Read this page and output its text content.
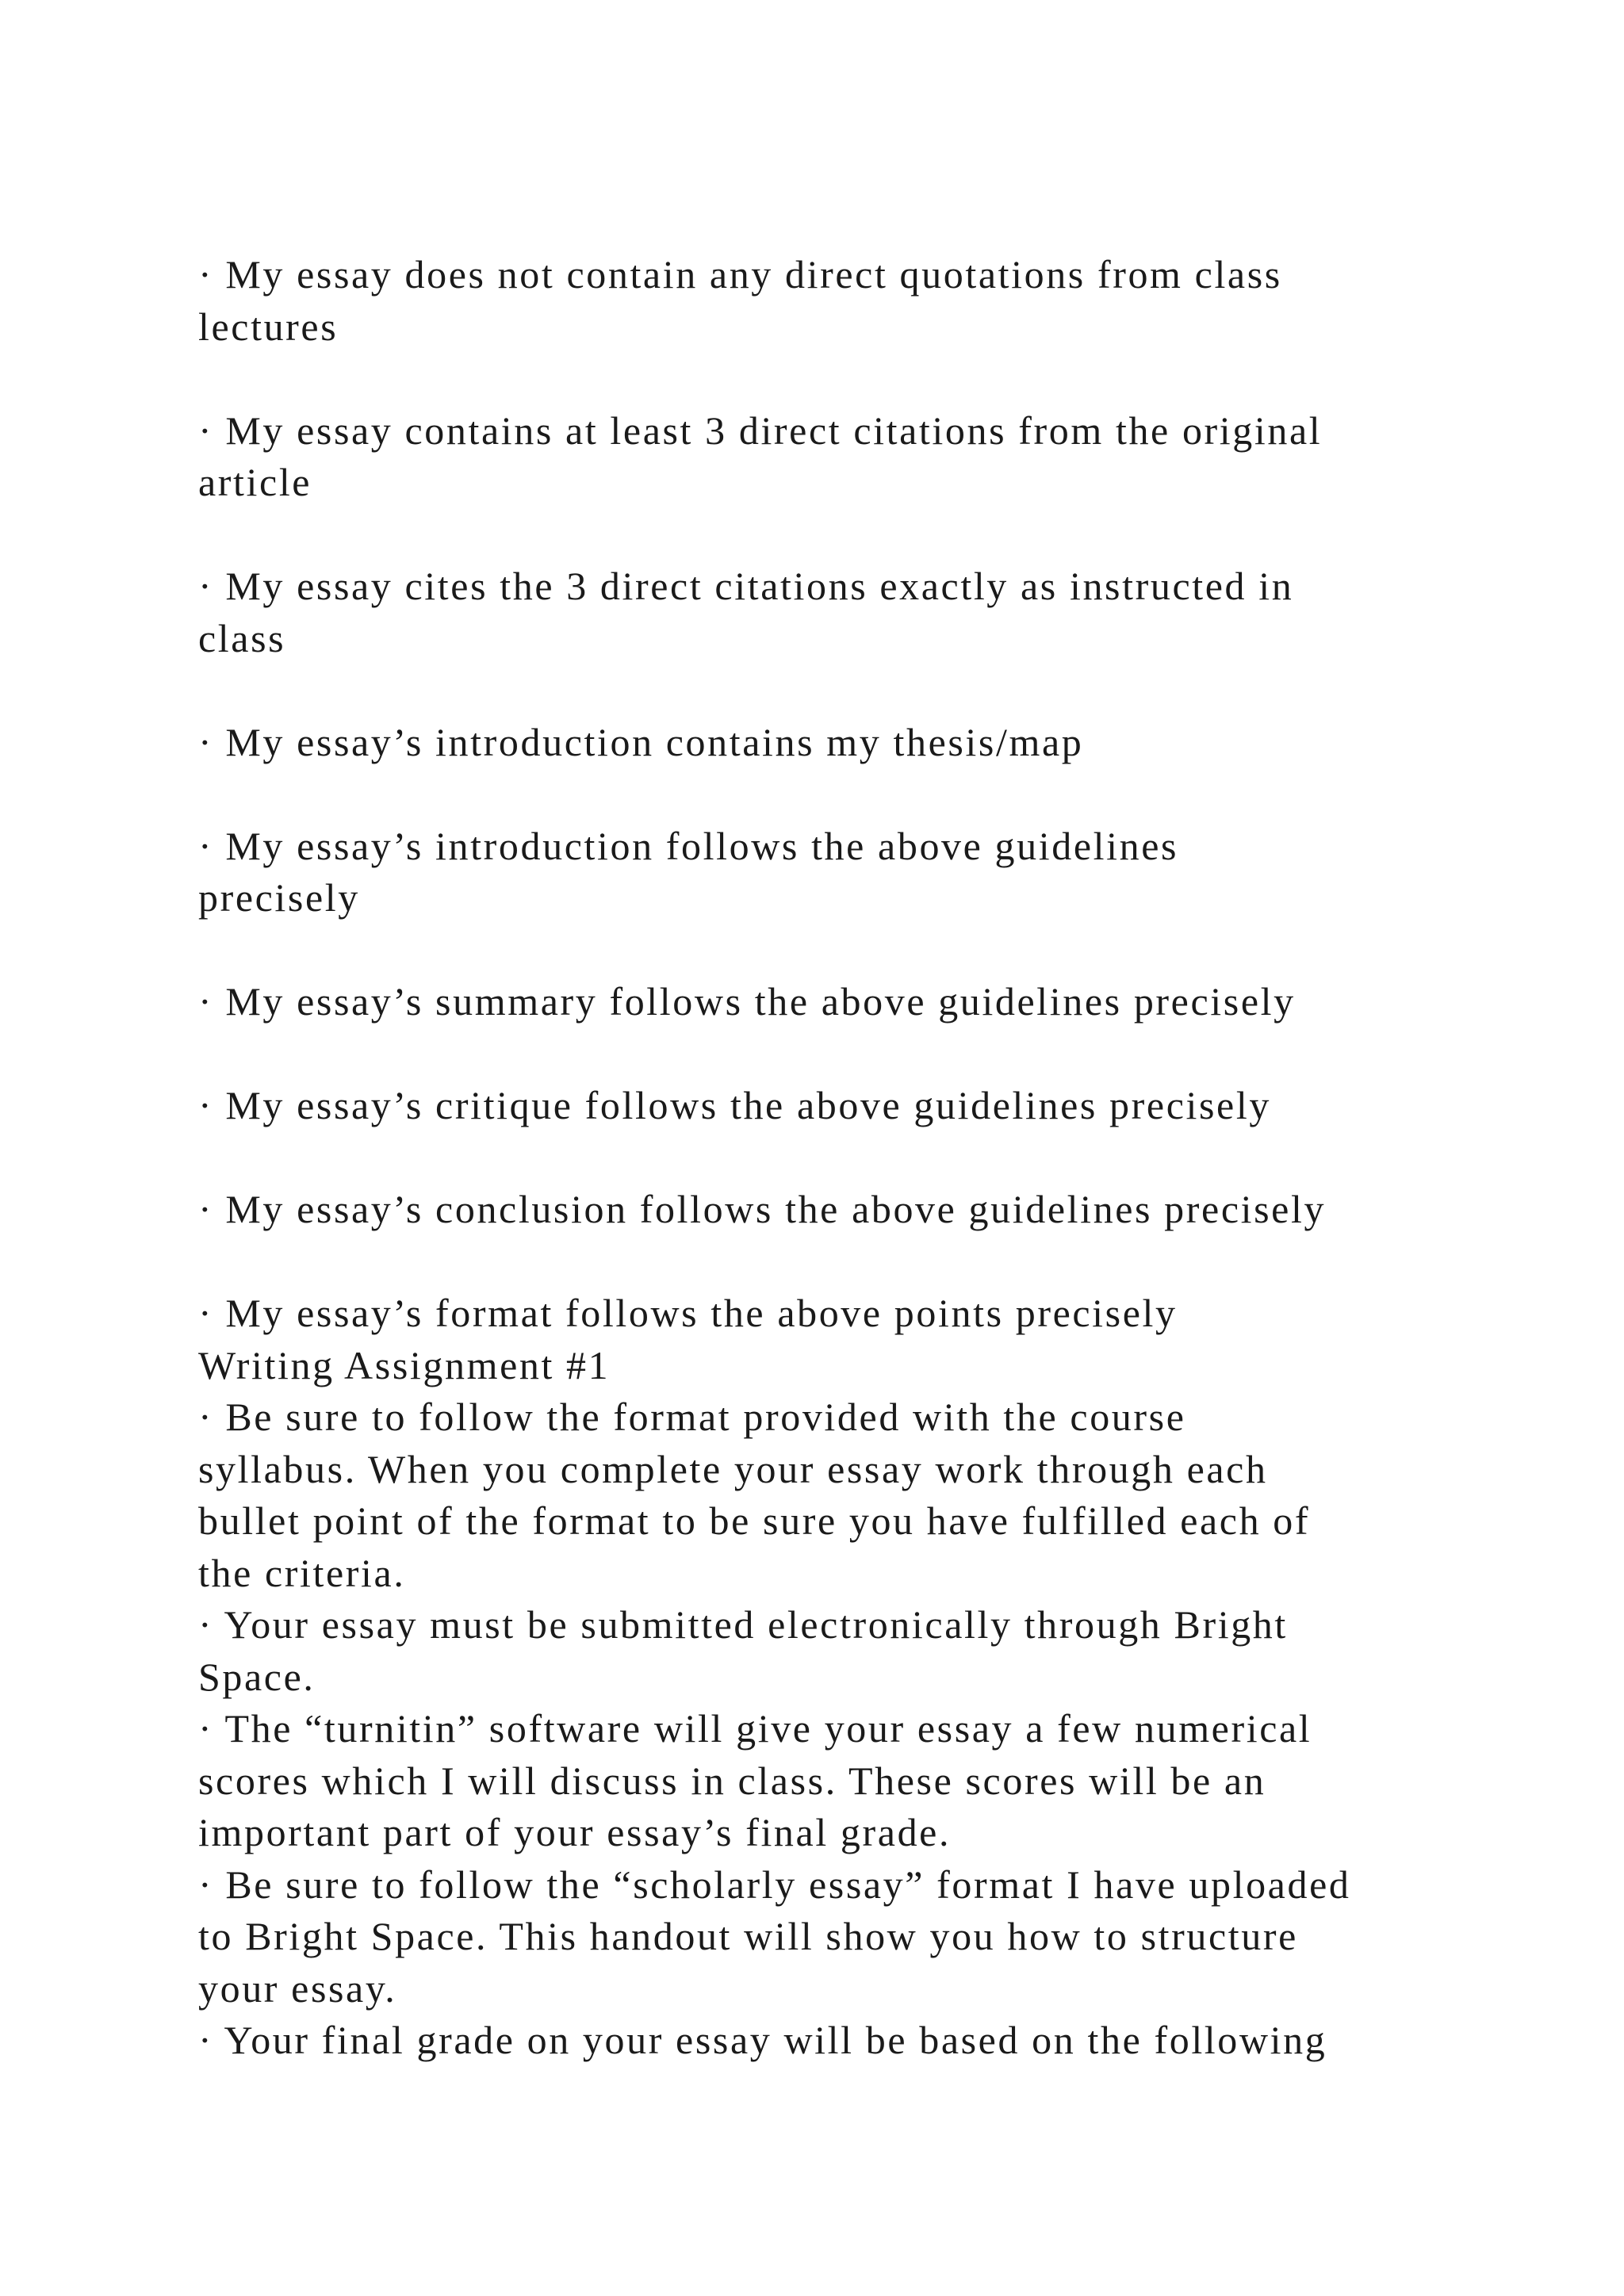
· My essay does not contain any direct quotations from class
lectures
· My essay contains at least 3 direct citations from the original
article
· My essay cites the 3 direct citations exactly as instructed in
class
· My essay’s introduction contains my thesis/map
· My essay’s introduction follows the above guidelines
precisely
· My essay’s summary follows the above guidelines precisely
· My essay’s critique follows the above guidelines precisely
· My essay’s conclusion follows the above guidelines precisely
· My essay’s format follows the above points precisely
Writing Assignment #1
· Be sure to follow the format provided with the course
syllabus. When you complete your essay work through each
bullet point of the format to be sure you have fulfilled each of
the criteria.
· Your essay must be submitted electronically through Bright
Space.
· The “turnitin” software will give your essay a few numerical
scores which I will discuss in class. These scores will be an
important part of your essay’s final grade.
· Be sure to follow the “scholarly essay” format I have uploaded
to Bright Space. This handout will show you how to structure
your essay.
· Your final grade on your essay will be based on the following
